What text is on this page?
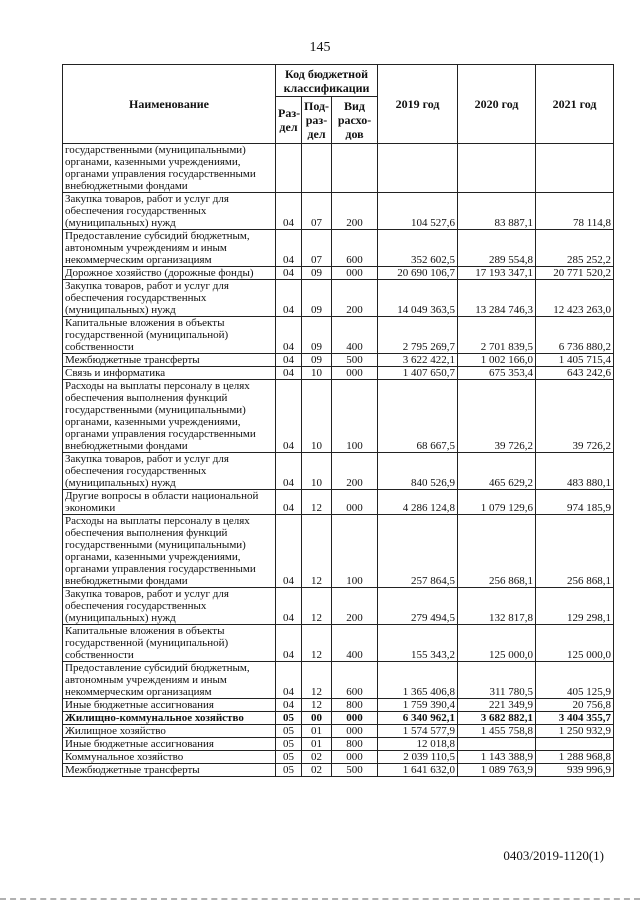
145
Наименование	Код бюджетной классификации			2019 год	2020 год	2021 год
	Раз-дел	Под-раз-дел	Вид расхо-дов			
государственными (муниципальными) органами, казенными учреждениями, органами управления государственными внебюджетными фондами						
Закупка товаров, работ и услуг для обеспечения государственных (муниципальных) нужд	04	07	200	104 527,6	83 887,1	78 114,8
Предоставление субсидий бюджетным, автономным учреждениям и иным некоммерческим организациям	04	07	600	352 602,5	289 554,8	285 252,2
Дорожное хозяйство (дорожные фонды)	04	09	000	20 690 106,7	17 193 347,1	20 771 520,2
Закупка товаров, работ и услуг для обеспечения государственных (муниципальных) нужд	04	09	200	14 049 363,5	13 284 746,3	12 423 263,0
Капитальные вложения в объекты государственной (муниципальной) собственности	04	09	400	2 795 269,7	2 701 839,5	6 736 880,2
Межбюджетные трансферты	04	09	500	3 622 422,1	1 002 166,0	1 405 715,4
Связь и информатика	04	10	000	1 407 650,7	675 353,4	643 242,6
Расходы на выплаты персоналу в целях обеспечения выполнения функций государственными (муниципальными) органами, казенными учреждениями, органами управления государственными внебюджетными фондами	04	10	100	68 667,5	39 726,2	39 726,2
Закупка товаров, работ и услуг для обеспечения государственных (муниципальных) нужд	04	10	200	840 526,9	465 629,2	483 880,1
Другие вопросы в области национальной экономики	04	12	000	4 286 124,8	1 079 129,6	974 185,9
Расходы на выплаты персоналу в целях обеспечения выполнения функций государственными (муниципальными) органами, казенными учреждениями, органами управления государственными внебюджетными фондами	04	12	100	257 864,5	256 868,1	256 868,1
Закупка товаров, работ и услуг для обеспечения государственных (муниципальных) нужд	04	12	200	279 494,5	132 817,8	129 298,1
Капитальные вложения в объекты государственной (муниципальной) собственности	04	12	400	155 343,2	125 000,0	125 000,0
Предоставление субсидий бюджетным, автономным учреждениям и иным некоммерческим организациям	04	12	600	1 365 406,8	311 780,5	405 125,9
Иные бюджетные ассигнования	04	12	800	1 759 390,4	221 349,9	20 756,8
Жилищно-коммунальное хозяйство	05	00	000	6 340 962,1	3 682 882,1	3 404 355,7
Жилищное хозяйство	05	01	000	1 574 577,9	1 455 758,8	1 250 932,9
Иные бюджетные ассигнования	05	01	800	12 018,8		
Коммунальное хозяйство	05	02	000	2 039 110,5	1 143 388,9	1 288 968,8
Межбюджетные трансферты	05	02	500	1 641 632,0	1 089 763,9	939 996,9
0403/2019-1120(1)
